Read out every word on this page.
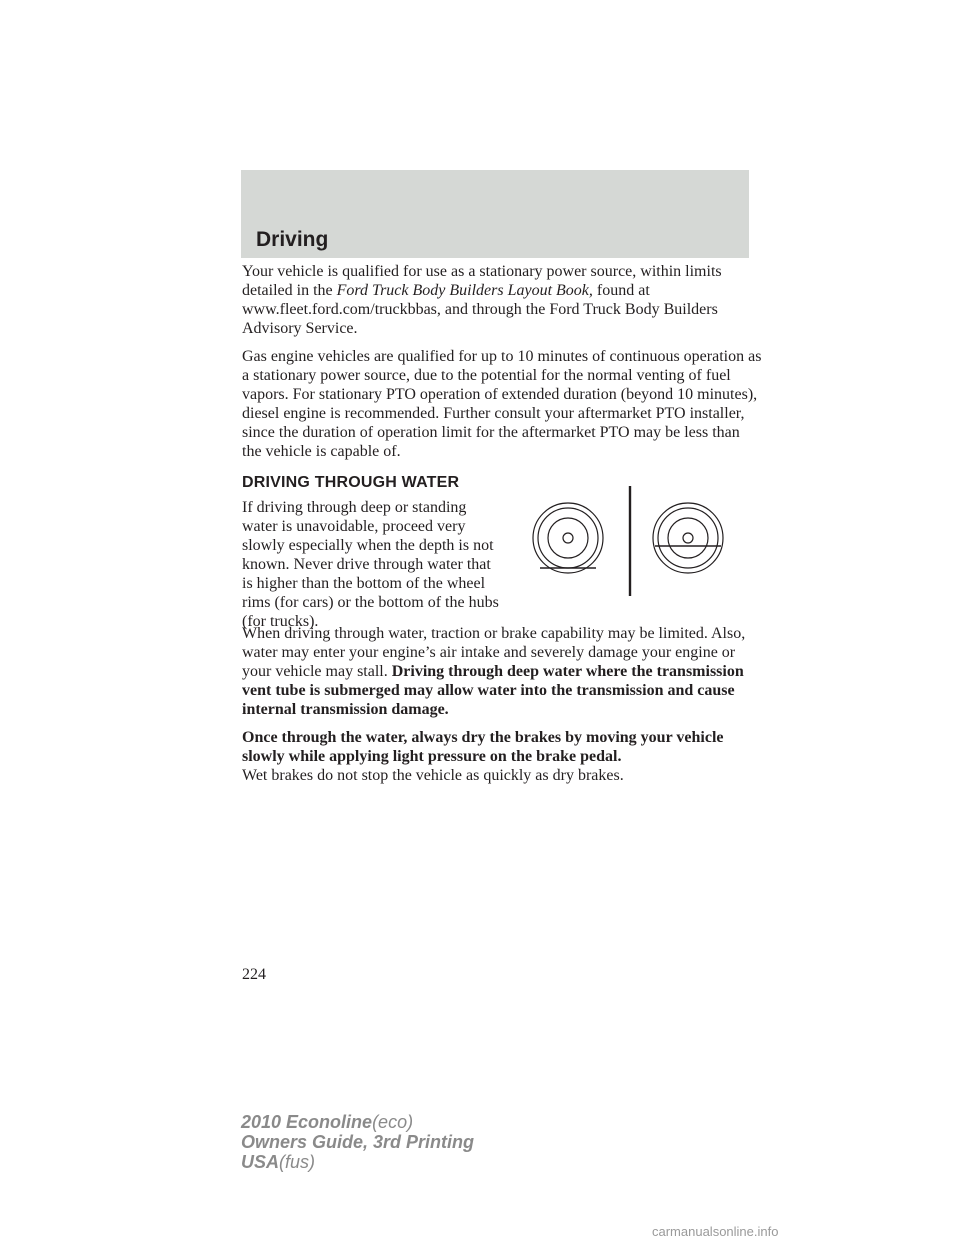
Driving

Your vehicle is qualified for use as a stationary power source, within limits detailed in the Ford Truck Body Builders Layout Book, found at www.fleet.ford.com/truckbbas, and through the Ford Truck Body Builders Advisory Service.

Gas engine vehicles are qualified for up to 10 minutes of continuous operation as a stationary power source, due to the potential for the normal venting of fuel vapors. For stationary PTO operation of extended duration (beyond 10 minutes), diesel engine is recommended. Further consult your aftermarket PTO installer, since the duration of operation limit for the aftermarket PTO may be less than the vehicle is capable of.

DRIVING THROUGH WATER
If driving through deep or standing water is unavoidable, proceed very slowly especially when the depth is not known. Never drive through water that is higher than the bottom of the wheel rims (for cars) or the bottom of the hubs (for trucks).

When driving through water, traction or brake capability may be limited. Also, water may enter your engine’s air intake and severely damage your engine or your vehicle may stall. Driving through deep water where the transmission vent tube is submerged may allow water into the transmission and cause internal transmission damage.

Once through the water, always dry the brakes by moving your vehicle slowly while applying light pressure on the brake pedal.
Wet brakes do not stop the vehicle as quickly as dry brakes.

224
2010 Econoline(eco)
Owners Guide, 3rd Printing
USA(fus)
carmanualsonline.info
